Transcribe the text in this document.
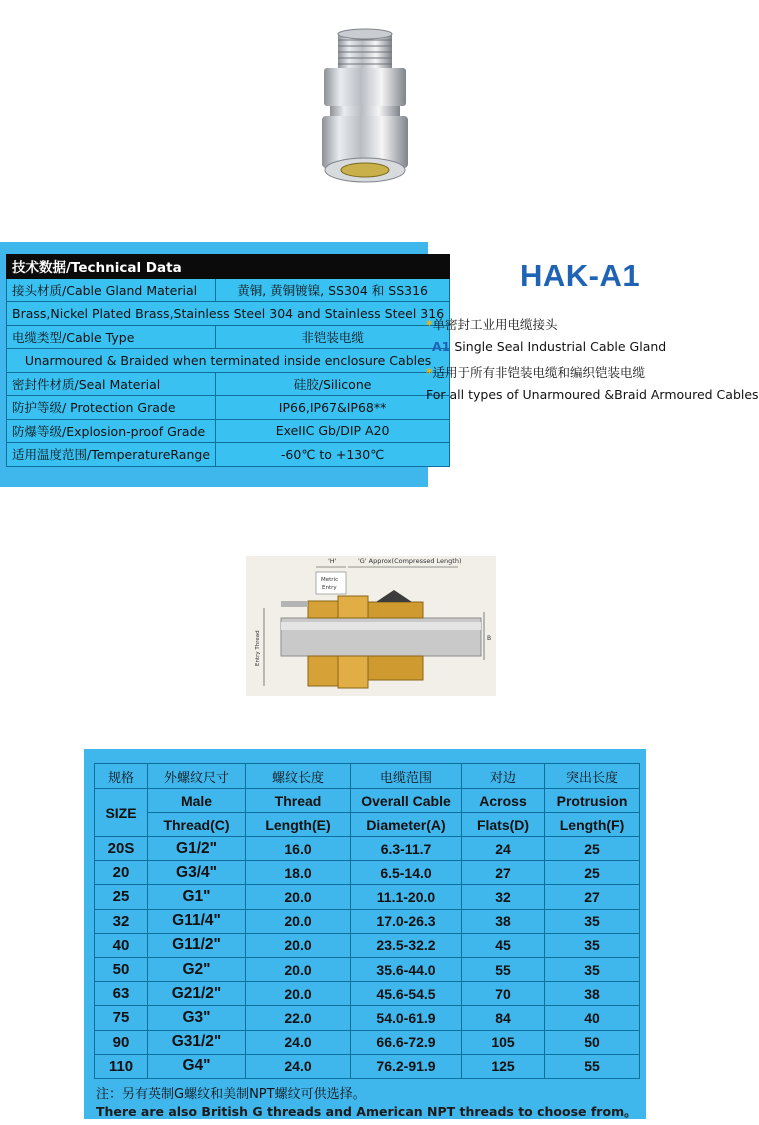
技术数据/Technical Data	
接头材质/Cable Gland Material	黄铜, 黄铜镀镍, SS304 和 SS316
Brass,Nickel Plated Brass,Stainless Steel 304 and Stainless Steel 316	
电缆类型/Cable Type	非铠装电缆
Unarmoured & Braided when terminated inside enclosure Cables	
密封件材质/Seal Material	硅胶/Silicone
防护等级/ Protection Grade	IP66,IP67&IP68**
防爆等级/Explosion-proof Grade	ExeIIC Gb/DIP A20
适用温度范围/TemperatureRange	-60℃ to +130℃
HAK-A1
*单密封工业用电缆接头
A1 Single Seal Industrial Cable Gland
*适用于所有非铠装电缆和编织铠装电缆
For all types of Unarmoured &Braid Armoured Cables
'H'	'G' Approx(Compressed Length)
Metric
Entry
Entry Thread	B
规格	外螺纹尺寸	螺纹长度	电缆范围	对边	突出长度
SIZE	Male	Thread	Overall Cable	Across	Protrusion
	Thread(C)	Length(E)	Diameter(A)	Flats(D)	Length(F)
20S	G1/2"	16.0	6.3-11.7	24	25
20	G3/4"	18.0	6.5-14.0	27	25
25	G1"	20.0	11.1-20.0	32	27
32	G11/4"	20.0	17.0-26.3	38	35
40	G11/2"	20.0	23.5-32.2	45	35
50	G2"	20.0	35.6-44.0	55	35
63	G21/2"	20.0	45.6-54.5	70	38
75	G3"	22.0	54.0-61.9	84	40
90	G31/2"	24.0	66.6-72.9	105	50
110	G4"	24.0	76.2-91.9	125	55
注：另有英制G螺纹和美制NPT螺纹可供选择。
There are also British G threads and American NPT threads to choose from。
